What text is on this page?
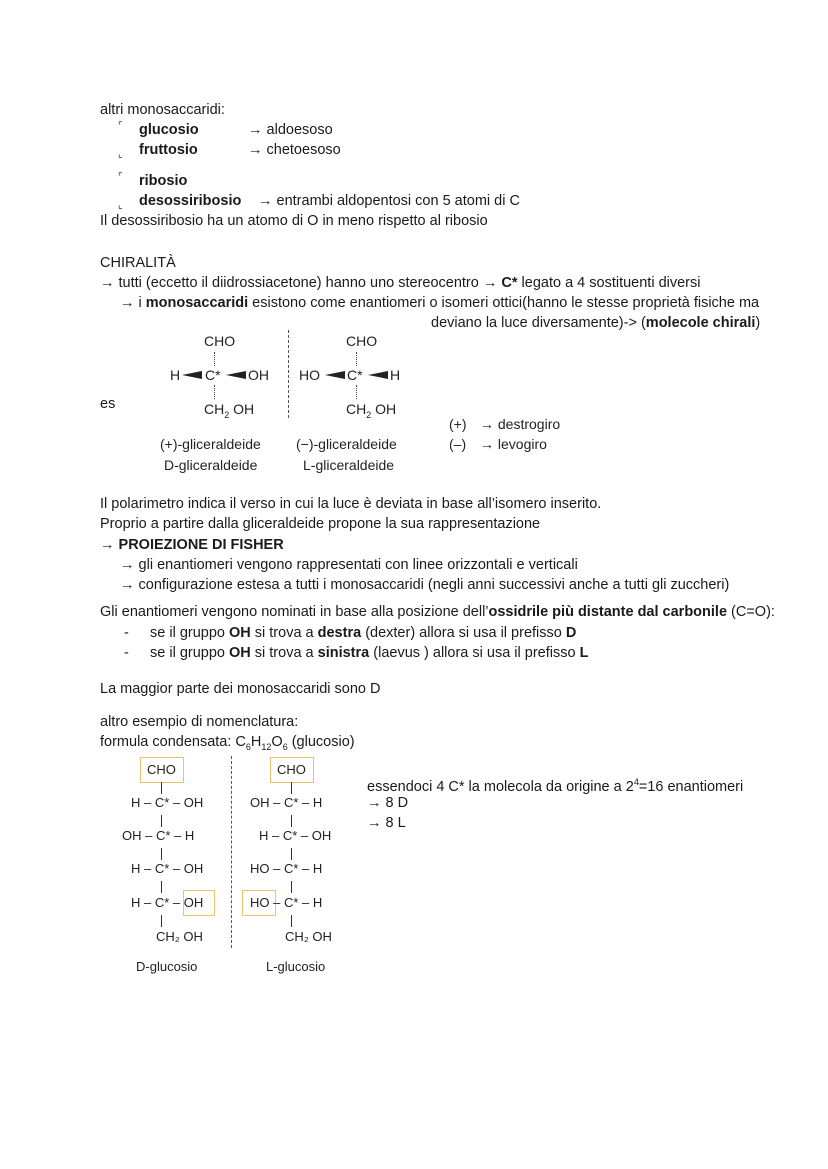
altri monosaccaridi:
⌜ glucosio	→ aldoesoso
⌞ fruttosio	→ chetoesoso
⌜ ribosio
⌞ desossiribosio → entrambi aldopentosi con 5 atomi di C
Il desossiribosio ha un atomo di O in meno rispetto al ribosio
CHIRALITÀ
→ tutti (eccetto il diidrossiacetone) hanno uno stereocentro → C* legato a 4 sostituenti diversi
→ i monosaccaridi esistono come enantiomeri o isomeri ottici(hanno le stesse proprietà fisiche ma
deviano la luce diversamente)-> (molecole chirali)
es
CHO
H C* OH
$CH_2$ OH
(+)-gliceraldeide
D-gliceraldeide
CHO
HO C* H
$CH_2$ OH
(−)-gliceraldeide
L-gliceraldeide
(+) → destrogiro
(–) → levogiro
Il polarimetro indica il verso in cui la luce è deviata in base all’isomero inserito.
Proprio a partire dalla gliceraldeide propone la sua rappresentazione
→ PROIEZIONE DI FISHER
→ gli enantiomeri vengono rappresentati con linee orizzontali e verticali
→ configurazione estesa a tutti i monosaccaridi (negli anni successivi anche a tutti gli zuccheri)
Gli enantiomeri vengono nominati in base alla posizione dell’ossidrile più distante dal carbonile (C=O):
- se il gruppo OH si trova a destra (dexter) allora si usa il prefisso D
- se il gruppo OH si trova a sinistra (laevus ) allora si usa il prefisso L
La maggior parte dei monosaccaridi sono D
altro esempio di nomenclatura:
formula condensata: $C_6H_{12}O_6$ (glucosio)
CHO
H – C* – OH
OH – C* – H
H – C* – OH
H – C* – OH
CH₂ OH
D-glucosio
CHO
OH – C* – H
H – C* – OH
HO – C* – H
HO – C* – H
CH₂ OH
L-glucosio
essendoci 4 C* la molecola da origine a $2^4=16$ enantiomeri
→ 8 D
→ 8 L
